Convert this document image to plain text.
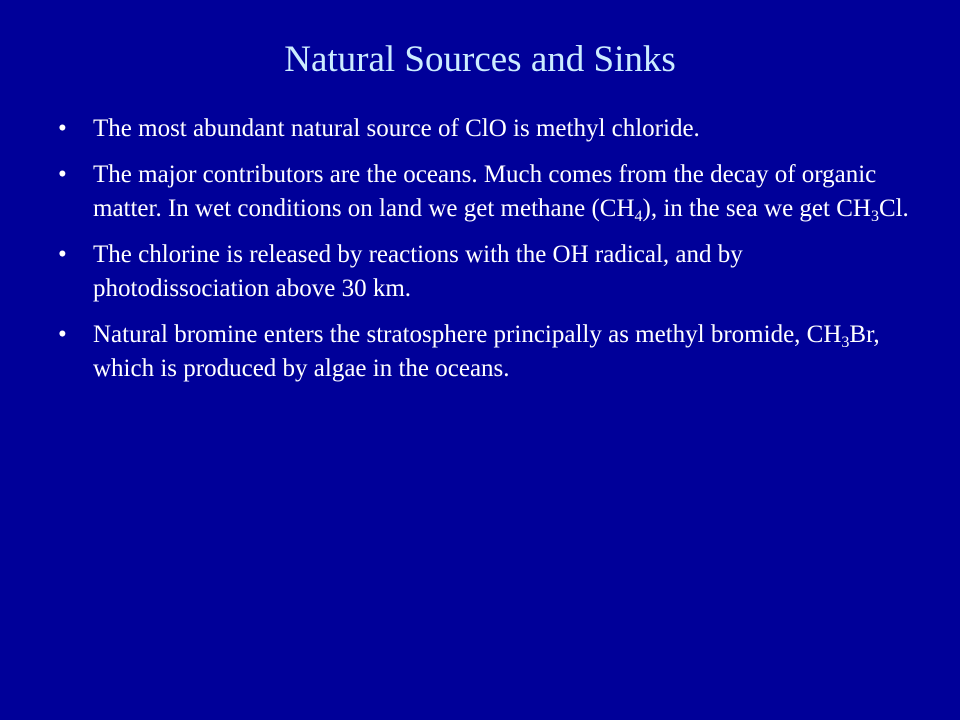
Natural Sources and Sinks
•	The most abundant natural source of ClO is methyl chloride.
•	The major contributors are the oceans. Much comes from the decay of organic matter. In wet conditions on land we get methane $(CH_4)$, in the sea we get $CH_3Cl$.
•	The chlorine is released by reactions with the OH radical, and by photodissociation above 30 km.
•	Natural bromine enters the stratosphere principally as methyl bromide, $CH_3Br$, which is produced by algae in the oceans.
